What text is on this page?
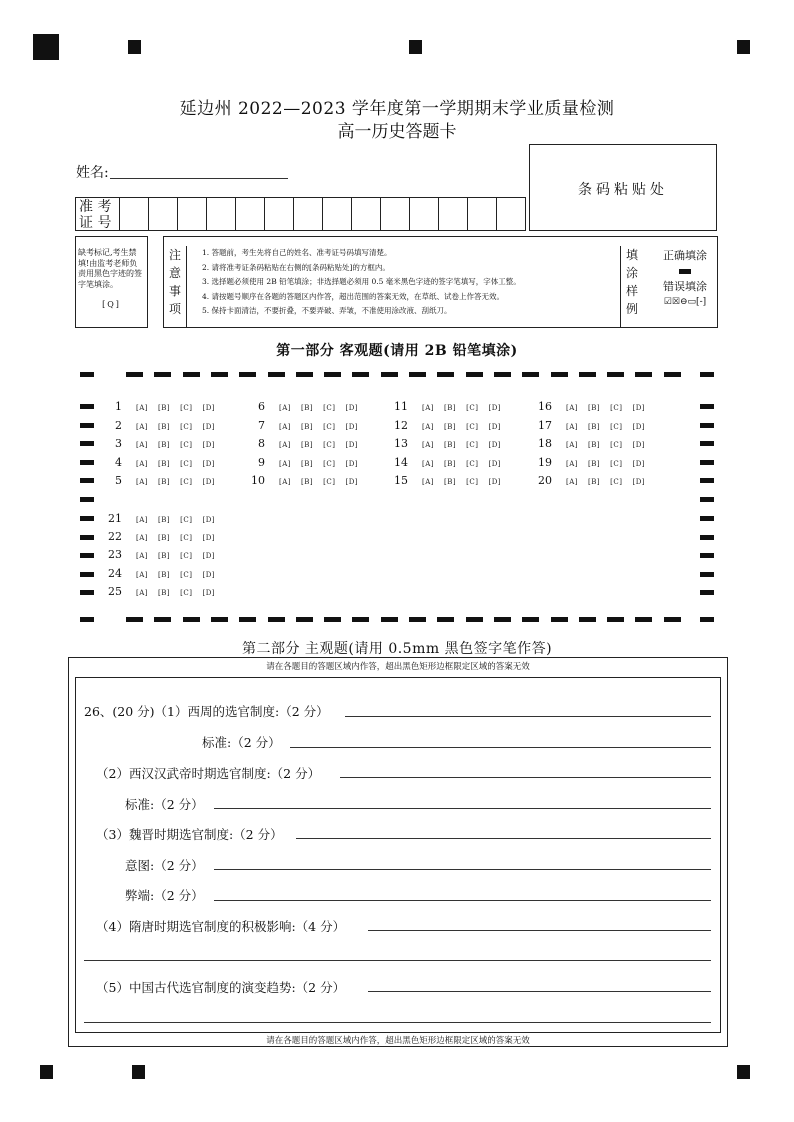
延边州 2022—2023 学年度第一学期期末学业质量检测
高一历史答题卡
姓名:
条码粘贴处
准 考
证 号
缺考标记,考生禁填!由监考老师负责用黑色字迹的签字笔填涂。
[Q]
注意事项
1. 答题前，考生先将自己的姓名、准考证号码填写清楚。
2. 请将准考证条码粘贴在右侧的[条码粘贴处]的方框内。
3. 选择题必须使用 2B 铅笔填涂；非选择题必须用 0.5 毫米黑色字迹的签字笔填写，字体工整。
4. 请按题号顺序在各题的答题区内作答，超出范围的答案无效，在草纸、试卷上作答无效。
5. 保持卡面清洁，不要折叠，不要弄破、弄皱，不准使用涂改液、刮纸刀。
填涂样例
正确填涂
错误填涂
☑☒⊖▭[-]
第一部分 客观题(请用 2B 铅笔填涂)
1 [A] [B] [C] [D]
2 [A] [B] [C] [D]
3 [A] [B] [C] [D]
4 [A] [B] [C] [D]
5 [A] [B] [C] [D]
6 [A] [B] [C] [D]
7 [A] [B] [C] [D]
8 [A] [B] [C] [D]
9 [A] [B] [C] [D]
10 [A] [B] [C] [D]
11 [A] [B] [C] [D]
12 [A] [B] [C] [D]
13 [A] [B] [C] [D]
14 [A] [B] [C] [D]
15 [A] [B] [C] [D]
16 [A] [B] [C] [D]
17 [A] [B] [C] [D]
18 [A] [B] [C] [D]
19 [A] [B] [C] [D]
20 [A] [B] [C] [D]
21 [A] [B] [C] [D]
22 [A] [B] [C] [D]
23 [A] [B] [C] [D]
24 [A] [B] [C] [D]
25 [A] [B] [C] [D]
第二部分 主观题(请用 0.5mm 黑色签字笔作答)
请在各题目的答题区域内作答，超出黑色矩形边框限定区域的答案无效
请在各题目的答题区域内作答，超出黑色矩形边框限定区域的答案无效
26、(20 分)（1）西周的选官制度:（2 分）
标准:（2 分）
（2）西汉汉武帝时期选官制度:（2 分）
标准:（2 分）
（3）魏晋时期选官制度:（2 分）
意图:（2 分）
弊端:（2 分）
（4）隋唐时期选官制度的积极影响:（4 分）
（5）中国古代选官制度的演变趋势:（2 分）
